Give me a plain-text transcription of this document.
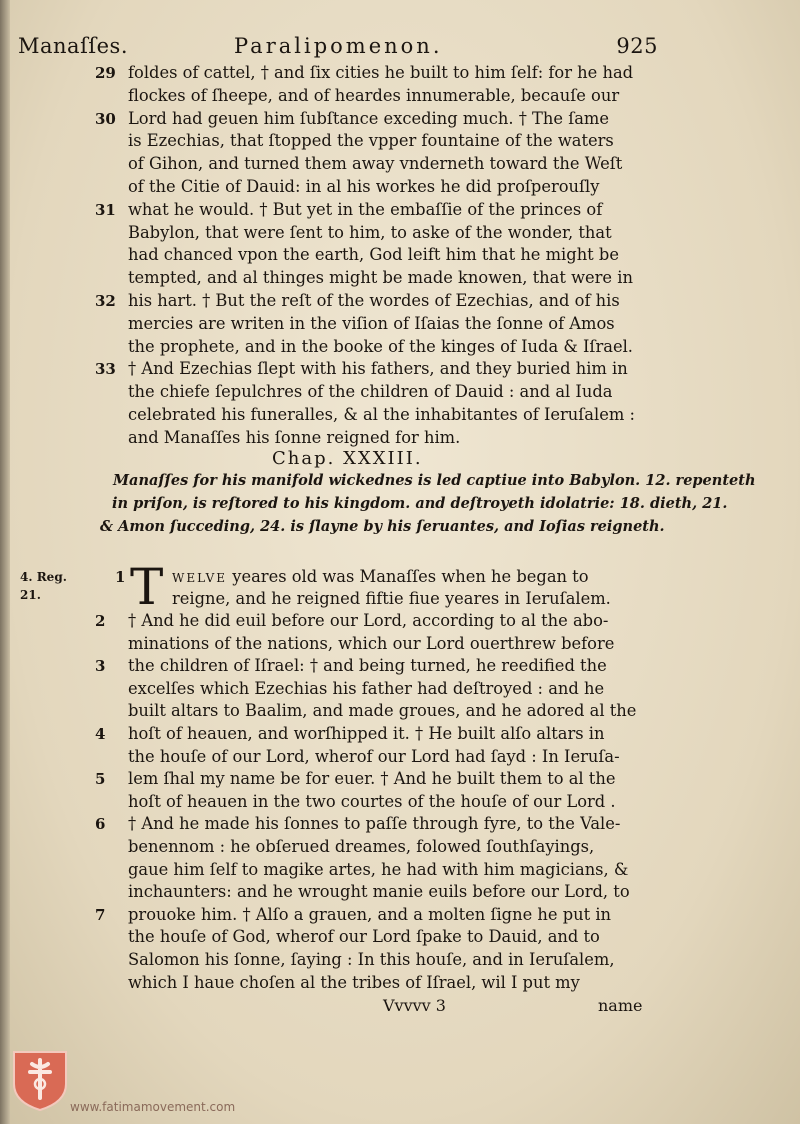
Manaſſes.	Paralipomenon.	925
29 foldes of cattel, † and ſix cities he built to him ſelf: for he had
flockes of ſheepe, and of heardes innumerable, becauſe our
30 Lord had geuen him ſubſtance exceding much. † The ſame
is Ezechias, that ſtopped the vpper fountaine of the waters
of Gihon, and turned them away vnderneth toward the Weſt
of the Citie of Dauid: in al his workes he did proſperouſly
31 what he would. † But yet in the embaſſie of the princes of
Babylon, that were ſent to him, to aske of the wonder, that
had chanced vpon the earth, God leift him that he might be
tempted, and al thinges might be made knowen, that were in
32 his hart. † But the reſt of the wordes of Ezechias, and of his
mercies are writen in the viſion of Iſaias the ſonne of Amos
the prophete, and in the booke of the kinges of Iuda & Iſrael.
33 † And Ezechias ſlept with his fathers, and they buried him in
the chiefe ſepulchres of the children of Dauid : and al Iuda
celebrated his funeralles, & al the inhabitantes of Ieruſalem :
and Manaſſes his ſonne reigned for him.
Chap. XXXIII.
Manaſſes for his manifold wickednes is led captiue into Babylon. 12. repenteth
in priſon, is reſtored to his kingdom. and deſtroyeth idolatrie: 18. dieth, 21.
& Amon ſucceding, 24. is ſlayne by his ſeruantes, and Ioſias reigneth.
4. Reg.
21.
1 T WELVE yeares old was Manaſſes when he began to
reigne, and he reigned fiftie fiue yeares in Ieruſalem.
2 † And he did euil before our Lord, according to al the abo-
minations of the nations, which our Lord ouerthrew before
3 the children of Iſrael: † and being turned, he reedified the
excelſes which Ezechias his father had deſtroyed : and he
built altars to Baalim, and made groues, and he adored al the
4 hoſt of heauen, and worſhipped it. † He built alſo altars in
the houſe of our Lord, wherof our Lord had ſayd : In Ieruſa-
5 lem ſhal my name be for euer. † And he built them to al the
hoſt of heauen in the two courtes of the houſe of our Lord .
6 † And he made his ſonnes to paſſe through fyre, to the Vale-
benennom : he obſerued dreames, folowed ſouthſayings,
gaue him ſelf to magike artes, he had with him magicians, &
inchaunters: and he wrought manie euils before our Lord, to
7 prouoke him. † Alſo a grauen, and a molten ſigne he put in
the houſe of God, wherof our Lord ſpake to Dauid, and to
Salomon his ſonne, ſaying : In this houſe, and in Ieruſalem,
which I haue choſen al the tribes of Iſrael, wil I put my
Vvvvv 3	name
www.fatimamovement.com
